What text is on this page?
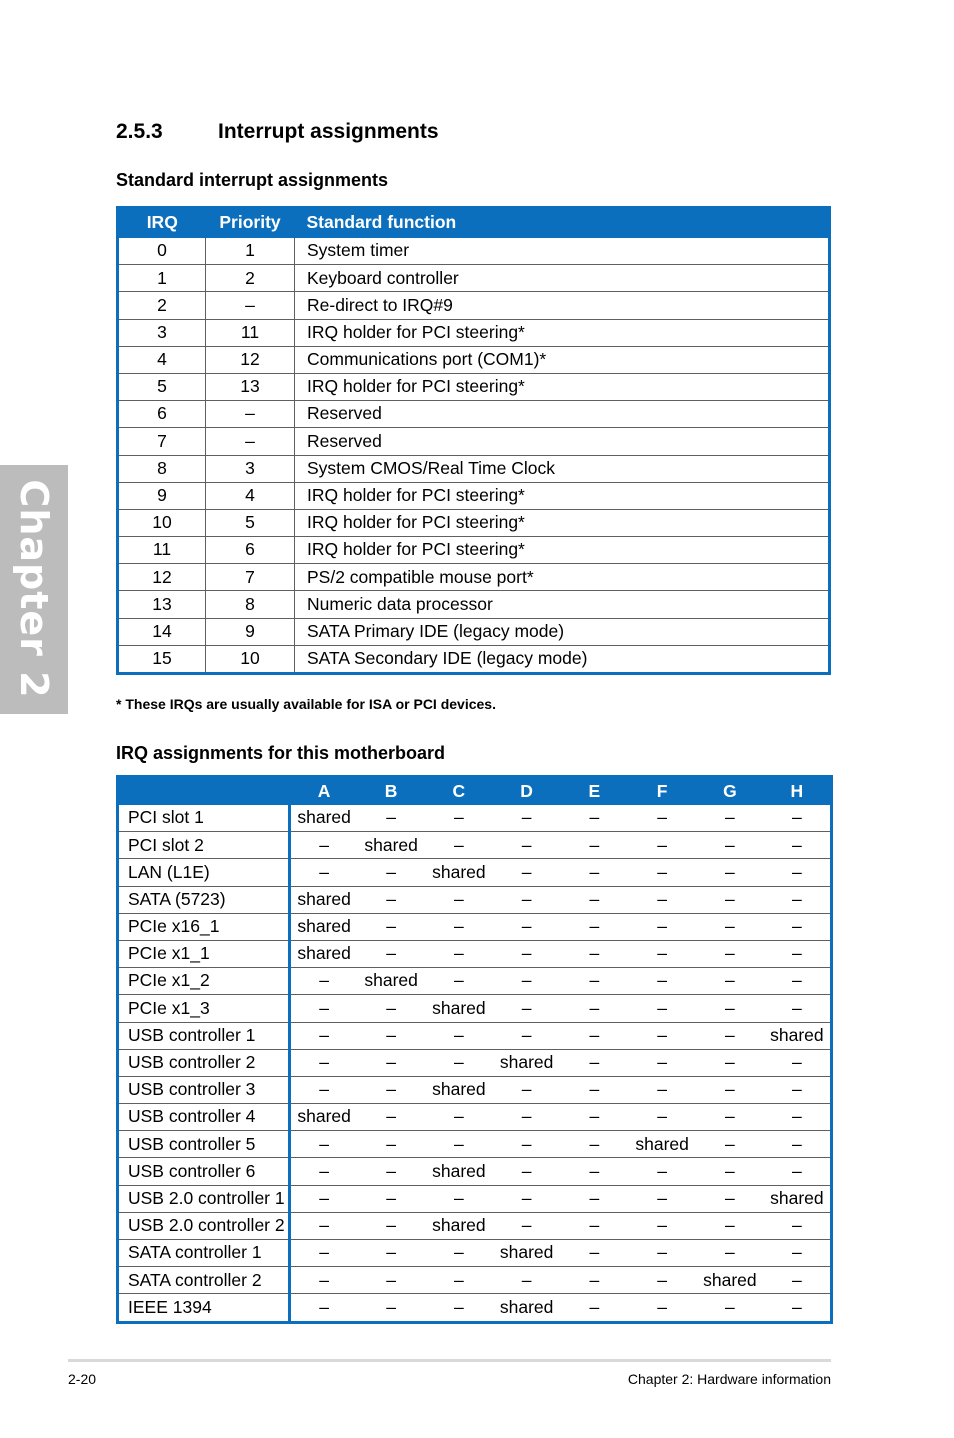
Chapter 2
2.5.3	Interrupt assignments
Standard interrupt assignments
IRQ	Priority	Standard function
0	1	System timer
1	2	Keyboard controller
2	–	Re-direct to IRQ#9
3	11	IRQ holder for PCI steering*
4	12	Communications port (COM1)*
5	13	IRQ holder for PCI steering*
6	–	Reserved
7	–	Reserved
8	3	System CMOS/Real Time Clock
9	4	IRQ holder for PCI steering*
10	5	IRQ holder for PCI steering*
11	6	IRQ holder for PCI steering*
12	7	PS/2 compatible mouse port*
13	8	Numeric data processor
14	9	SATA Primary IDE (legacy mode)
15	10	SATA Secondary IDE (legacy mode)

* These IRQs are usually available for ISA or PCI devices.

IRQ assignments for this motherboard
	A	B	C	D	E	F	G	H
PCI slot 1	shared	–	–	–	–	–	–	–
PCI slot 2	–	shared	–	–	–	–	–	–
LAN (L1E)	–	–	shared	–	–	–	–	–
SATA (5723)	shared	–	–	–	–	–	–	–
PCIe x16_1	shared	–	–	–	–	–	–	–
PCIe x1_1	shared	–	–	–	–	–	–	–
PCIe x1_2	–	shared	–	–	–	–	–	–
PCIe x1_3	–	–	shared	–	–	–	–	–
USB controller 1	–	–	–	–	–	–	–	shared
USB controller 2	–	–	–	shared	–	–	–	–
USB controller 3	–	–	shared	–	–	–	–	–
USB controller 4	shared	–	–	–	–	–	–	–
USB controller 5	–	–	–	–	–	shared	–	–
USB controller 6	–	–	shared	–	–	–	–	–
USB 2.0 controller 1	–	–	–	–	–	–	–	shared
USB 2.0 controller 2	–	–	shared	–	–	–	–	–
SATA controller 1	–	–	–	shared	–	–	–	–
SATA controller 2	–	–	–	–	–	–	shared	–
IEEE 1394	–	–	–	shared	–	–	–	–
2-20	Chapter 2: Hardware information
